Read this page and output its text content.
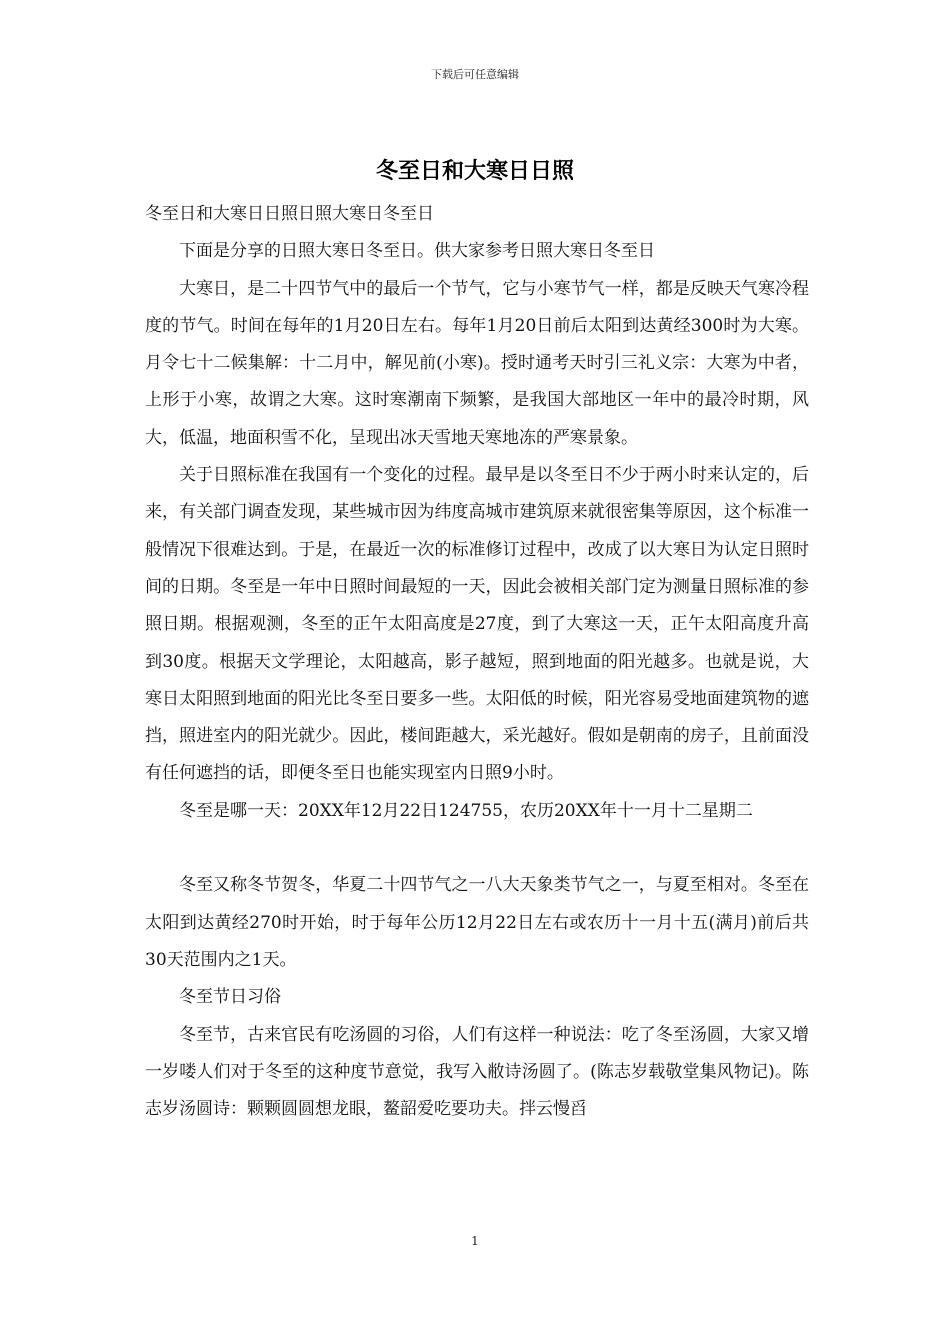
下载后可任意编辑
冬至日和大寒日日照

冬至日和大寒日日照日照大寒日冬至日

下面是分享的日照大寒日冬至日。供大家参考日照大寒日冬至日

大寒日，是二十四节气中的最后一个节气，它与小寒节气一样，都是反映天气寒冷程度的节气。时间在每年的1月20日左右。每年1月20日前后太阳到达黄经300时为大寒。月令七十二候集解：十二月中，解见前(小寒)。授时通考天时引三礼义宗：大寒为中者，上形于小寒，故谓之大寒。这时寒潮南下频繁，是我国大部地区一年中的最冷时期，风大，低温，地面积雪不化，呈现出冰天雪地天寒地冻的严寒景象。

关于日照标准在我国有一个变化的过程。最早是以冬至日不少于两小时来认定的，后来，有关部门调查发现，某些城市因为纬度高城市建筑原来就很密集等原因，这个标准一般情况下很难达到。于是，在最近一次的标准修订过程中，改成了以大寒日为认定日照时间的日期。冬至是一年中日照时间最短的一天，因此会被相关部门定为测量日照标准的参照日期。根据观测，冬至的正午太阳高度是27度，到了大寒这一天，正午太阳高度升高到30度。根据天文学理论，太阳越高，影子越短，照到地面的阳光越多。也就是说，大寒日太阳照到地面的阳光比冬至日要多一些。太阳低的时候，阳光容易受地面建筑物的遮挡，照进室内的阳光就少。因此，楼间距越大，采光越好。假如是朝南的房子，且前面没有任何遮挡的话，即便冬至日也能实现室内日照9小时。

冬至是哪一天：20XX年12月22日124755，农历20XX年十一月十二星期二

冬至又称冬节贺冬，华夏二十四节气之一八大天象类节气之一，与夏至相对。冬至在太阳到达黄经270时开始，时于每年公历12月22日左右或农历十一月十五(满月)前后共30天范围内之1天。

冬至节日习俗

冬至节，古来官民有吃汤圆的习俗，人们有这样一种说法：吃了冬至汤圆，大家又增一岁喽人们对于冬至的这种度节意觉，我写入敝诗汤圆了。(陈志岁载敬堂集风物记)。陈志岁汤圆诗：颗颗圆圆想龙眼，鳌韶爱吃要功夫。拌云慢舀

1
